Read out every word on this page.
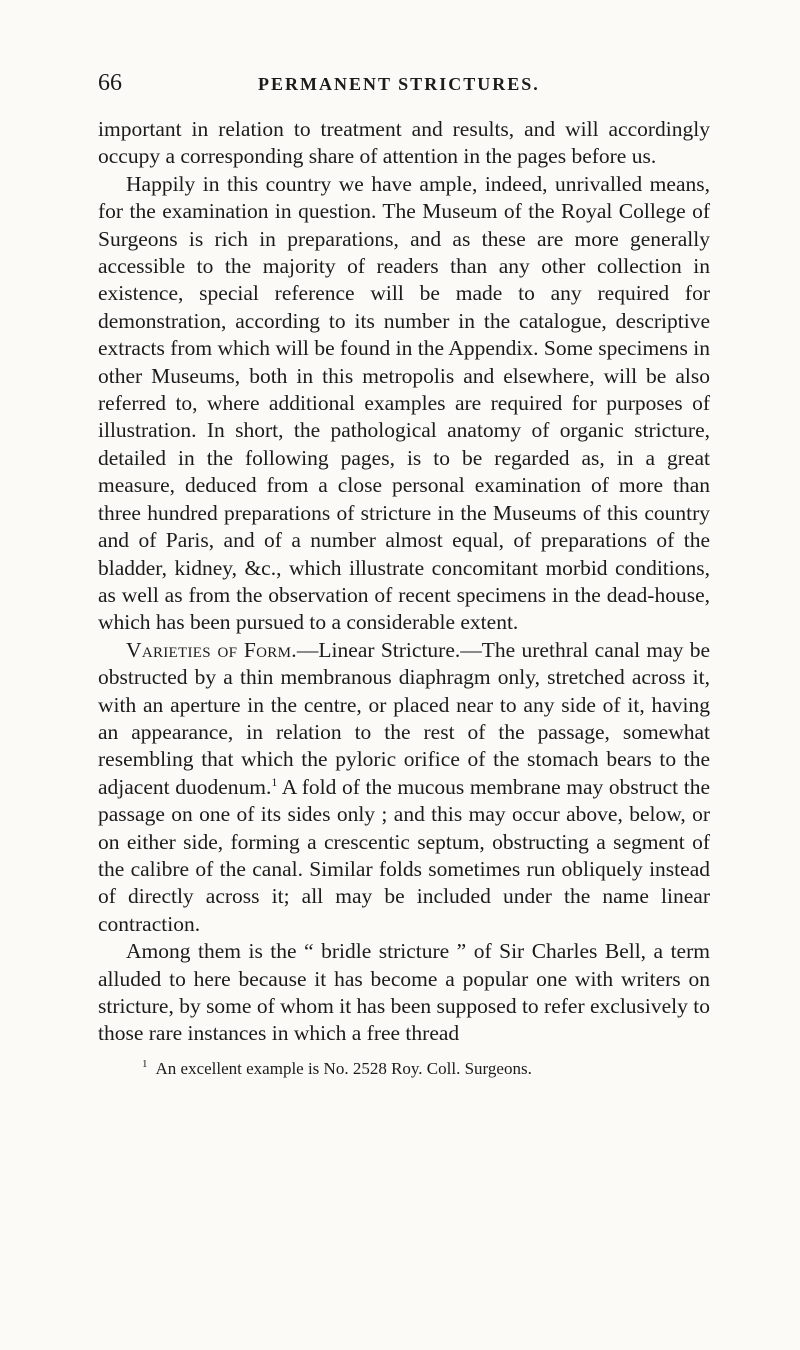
66	PERMANENT STRICTURES.

important in relation to treatment and results, and will accordingly occupy a corresponding share of attention in the pages before us.

Happily in this country we have ample, indeed, unrivalled means, for the examination in question. The Museum of the Royal College of Surgeons is rich in preparations, and as these are more generally accessible to the majority of readers than any other collection in existence, special reference will be made to any required for demonstration, according to its number in the catalogue, descriptive extracts from which will be found in the Appendix. Some specimens in other Museums, both in this metropolis and elsewhere, will be also referred to, where additional examples are required for purposes of illustration. In short, the pathological anatomy of organic stricture, detailed in the following pages, is to be regarded as, in a great measure, deduced from a close personal examination of more than three hundred preparations of stricture in the Museums of this country and of Paris, and of a number almost equal, of preparations of the bladder, kidney, &c., which illustrate concomitant morbid conditions, as well as from the observation of recent specimens in the dead-house, which has been pursued to a considerable extent.

Varieties of Form.—Linear Stricture.—The urethral canal may be obstructed by a thin membranous diaphragm only, stretched across it, with an aperture in the centre, or placed near to any side of it, having an appearance, in relation to the rest of the passage, somewhat resembling that which the pyloric orifice of the stomach bears to the adjacent duodenum.$^1$ A fold of the mucous membrane may obstruct the passage on one of its sides only ; and this may occur above, below, or on either side, forming a crescentic septum, obstructing a segment of the calibre of the canal. Similar folds sometimes run obliquely instead of directly across it; all may be included under the name linear contraction.

Among them is the “ bridle stricture ” of Sir Charles Bell, a term alluded to here because it has become a popular one with writers on stricture, by some of whom it has been supposed to refer exclusively to those rare instances in which a free thread

$^1$ An excellent example is No. 2528 Roy. Coll. Surgeons.
